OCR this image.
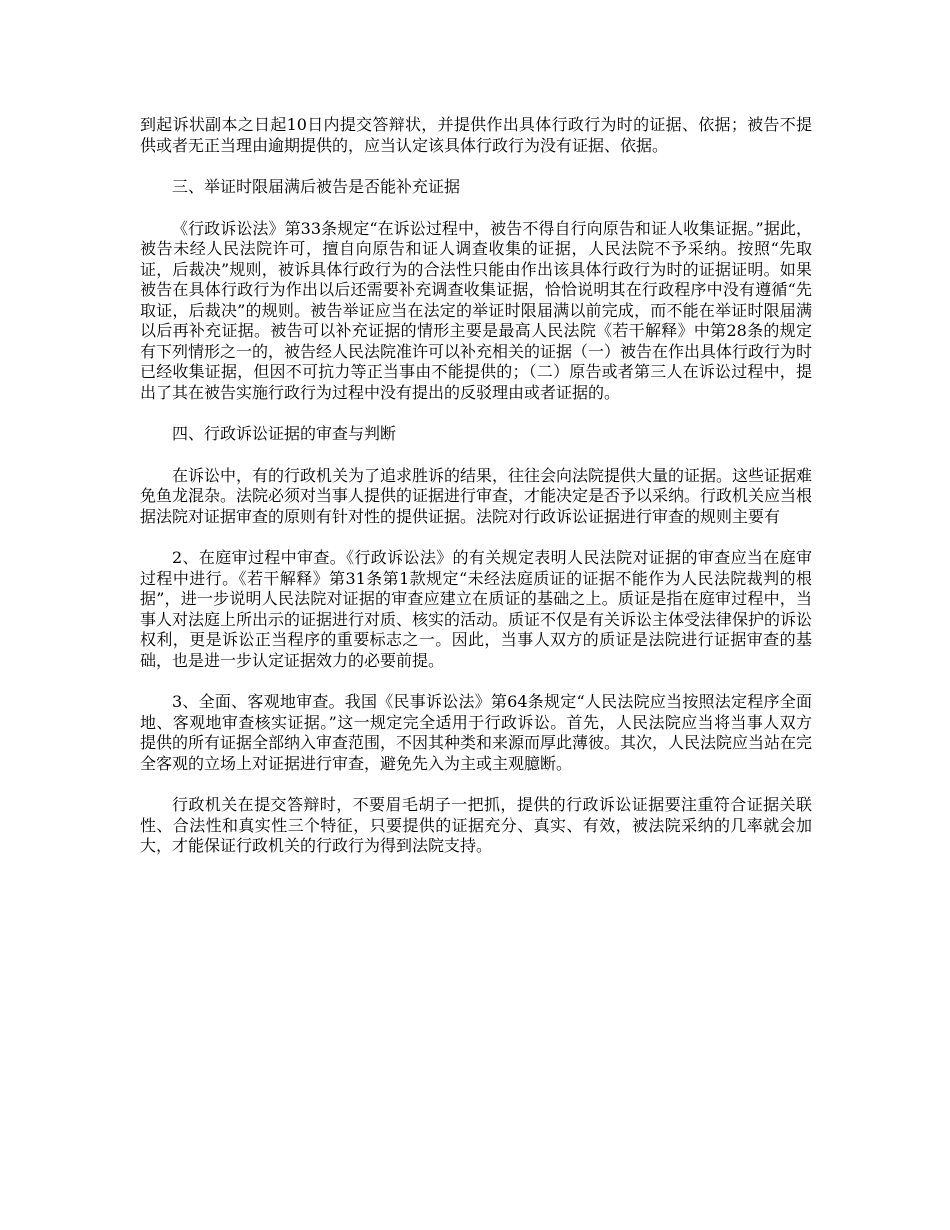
到起诉状副本之日起10日内提交答辩状，并提供作出具体行政行为时的证据、依据；被告不提供或者无正当理由逾期提供的，应当认定该具体行政行为没有证据、依据。

三、举证时限届满后被告是否能补充证据

《行政诉讼法》第33条规定“在诉讼过程中，被告不得自行向原告和证人收集证据。”据此，被告未经人民法院许可，擅自向原告和证人调查收集的证据，人民法院不予采纳。按照“先取证，后裁决”规则，被诉具体行政行为的合法性只能由作出该具体行政行为时的证据证明。如果被告在具体行政行为作出以后还需要补充调查收集证据，恰恰说明其在行政程序中没有遵循“先取证，后裁决”的规则。被告举证应当在法定的举证时限届满以前完成，而不能在举证时限届满以后再补充证据。被告可以补充证据的情形主要是最高人民法院《若干解释》中第28条的规定有下列情形之一的，被告经人民法院准许可以补充相关的证据（一）被告在作出具体行政行为时已经收集证据，但因不可抗力等正当事由不能提供的；（二）原告或者第三人在诉讼过程中，提出了其在被告实施行政行为过程中没有提出的反驳理由或者证据的。

四、行政诉讼证据的审查与判断

在诉讼中，有的行政机关为了追求胜诉的结果，往往会向法院提供大量的证据。这些证据难免鱼龙混杂。法院必须对当事人提供的证据进行审查，才能决定是否予以采纳。行政机关应当根据法院对证据审查的原则有针对性的提供证据。法院对行政诉讼证据进行审查的规则主要有

2、在庭审过程中审查。《行政诉讼法》的有关规定表明人民法院对证据的审查应当在庭审过程中进行。《若干解释》第31条第1款规定“未经法庭质证的证据不能作为人民法院裁判的根据”，进一步说明人民法院对证据的审查应建立在质证的基础之上。质证是指在庭审过程中，当事人对法庭上所出示的证据进行对质、核实的活动。质证不仅是有关诉讼主体受法律保护的诉讼权利，更是诉讼正当程序的重要标志之一。因此，当事人双方的质证是法院进行证据审查的基础，也是进一步认定证据效力的必要前提。

3、全面、客观地审查。我国《民事诉讼法》第64条规定“人民法院应当按照法定程序全面地、客观地审查核实证据。”这一规定完全适用于行政诉讼。首先，人民法院应当将当事人双方提供的所有证据全部纳入审查范围，不因其种类和来源而厚此薄彼。其次，人民法院应当站在完全客观的立场上对证据进行审查，避免先入为主或主观臆断。

行政机关在提交答辩时，不要眉毛胡子一把抓，提供的行政诉讼证据要注重符合证据关联性、合法性和真实性三个特征，只要提供的证据充分、真实、有效，被法院采纳的几率就会加大，才能保证行政机关的行政行为得到法院支持。
